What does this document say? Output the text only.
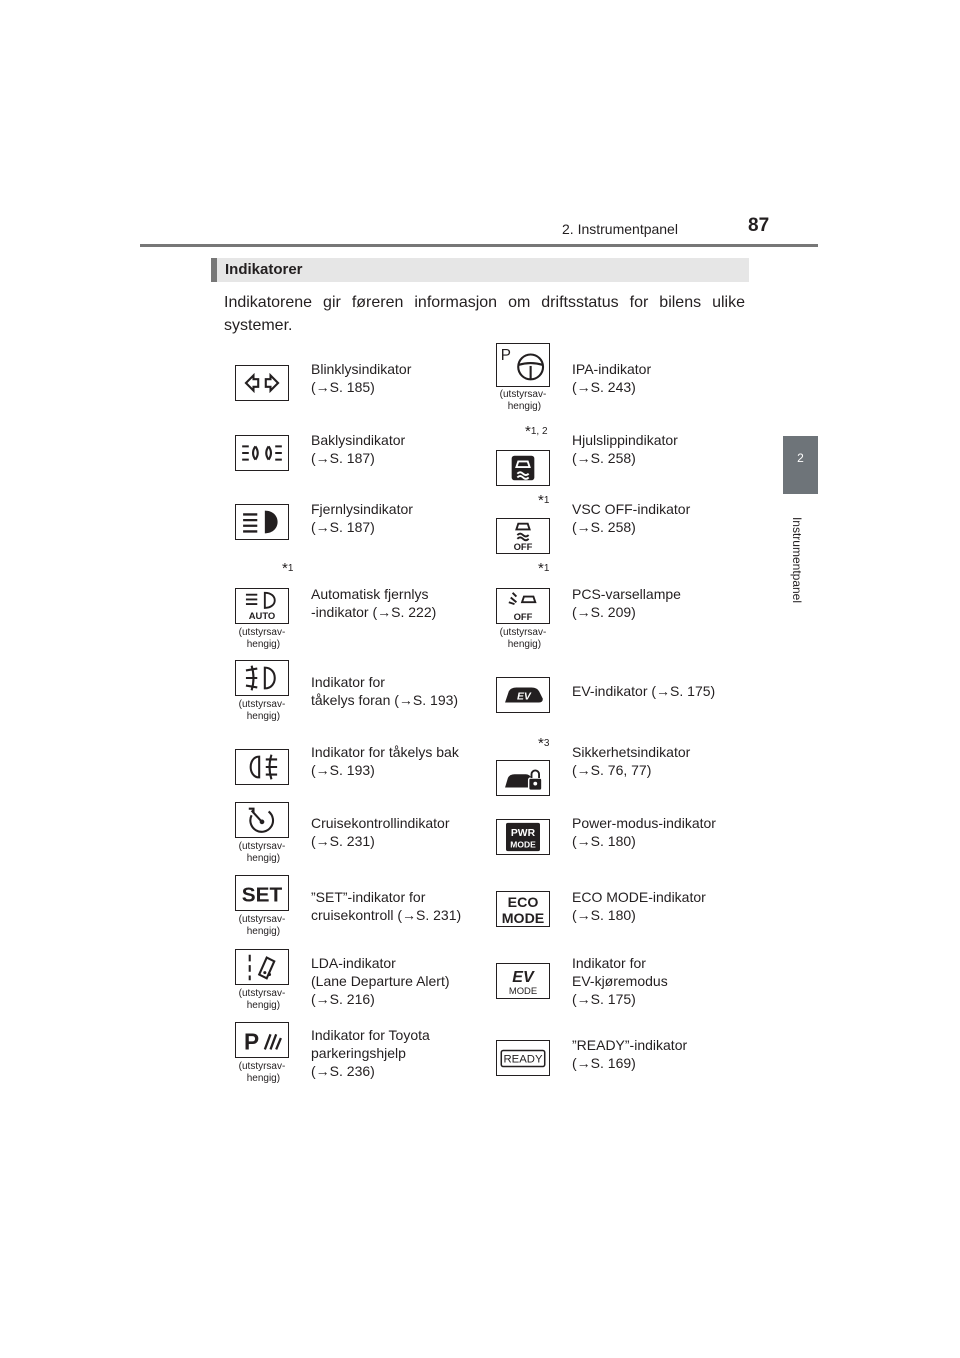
2. Instrumentpanel	87
2
Instrumentpanel
Indikatorer
Indikatorene gir føreren informasjon om driftsstatus for bilens ulike systemer.
Blinklysindikator
(→S. 185)
Baklysindikator
(→S. 187)
Fjernlysindikator
(→S. 187)
$*_1$
AUTO
(utstyrsav-
hengig)
Automatisk fjernlys
-indikator (→S. 222)
(utstyrsav-
hengig)
Indikator for
tåkelys foran (→S. 193)
Indikator for tåkelys bak
(→S. 193)
(utstyrsav-
hengig)
Cruisekontrollindikator
(→S. 231)
SET
(utstyrsav-
hengig)
”SET”-indikator for
cruisekontroll (→S. 231)
(utstyrsav-
hengig)
LDA-indikator
(Lane Departure Alert)
(→S. 216)
P
(utstyrsav-
hengig)
Indikator for Toyota
parkeringshjelp
(→S. 236)
P
(utstyrsav-
hengig)
IPA-indikator
(→S. 243)
$*_{1, 2}$
Hjulslippindikator
(→S. 258)
$*_1$
OFF
VSC OFF-indikator
(→S. 258)
$*_1$
OFF
(utstyrsav-
hengig)
PCS-varsellampe
(→S. 209)
EV	EV-indikator (→S. 175)
$*_3$
Sikkerhetsindikator
(→S. 76, 77)
PWR
MODE
Power-modus-indikator
(→S. 180)
ECO
MODE
ECO MODE-indikator
(→S. 180)
EV
MODE
Indikator for
EV-kjøremodus
(→S. 175)
READY
”READY”-indikator
(→S. 169)
